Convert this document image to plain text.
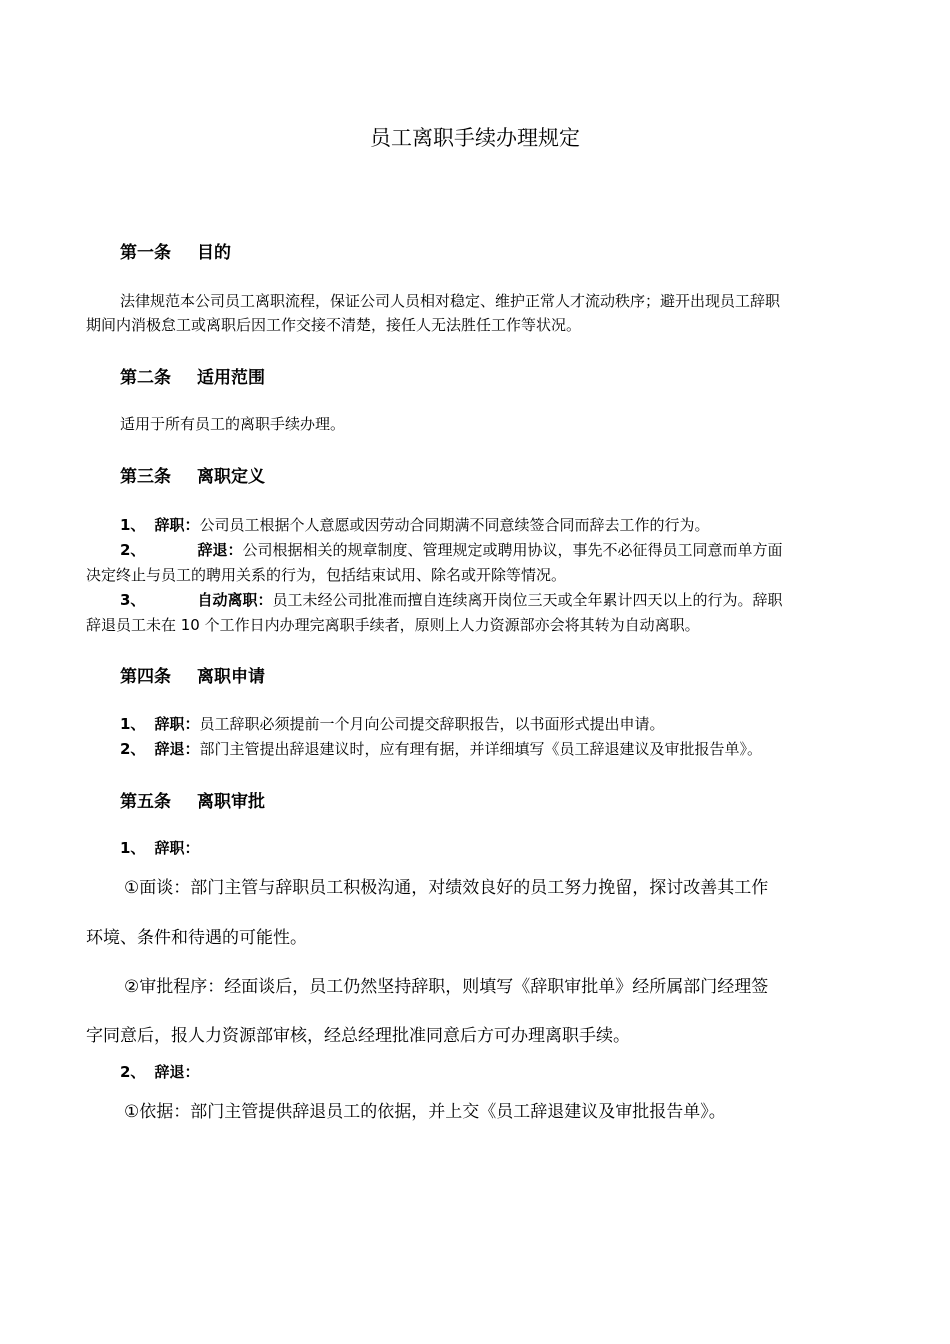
员工离职手续办理规定
第一条 目的
法律规范本公司员工离职流程，保证公司人员相对稳定、维护正常人才流动秩序；避开出现员工辞职
期间内消极怠工或离职后因工作交接不清楚，接任人无法胜任工作等状况。
第二条 适用范围
适用于所有员工的离职手续办理。
第三条 离职定义
1、 辞职：公司员工根据个人意愿或因劳动合同期满不同意续签合同而辞去工作的行为。
2、	辞退：公司根据相关的规章制度、管理规定或聘用协议，事先不必征得员工同意而单方面
决定终止与员工的聘用关系的行为，包括结束试用、除名或开除等情况。
3、	自动离职：员工未经公司批准而擅自连续离开岗位三天或全年累计四天以上的行为。辞职
辞退员工未在 10 个工作日内办理完离职手续者，原则上人力资源部亦会将其转为自动离职。
第四条 离职申请
1、 辞职：员工辞职必须提前一个月向公司提交辞职报告，以书面形式提出申请。
2、 辞退：部门主管提出辞退建议时，应有理有据，并详细填写《员工辞退建议及审批报告单》。
第五条 离职审批
1、 辞职：
①面谈：部门主管与辞职员工积极沟通，对绩效良好的员工努力挽留，探讨改善其工作
环境、条件和待遇的可能性。
②审批程序：经面谈后，员工仍然坚持辞职，则填写《辞职审批单》经所属部门经理签
字同意后，报人力资源部审核，经总经理批准同意后方可办理离职手续。
2、 辞退：
①依据：部门主管提供辞退员工的依据，并上交《员工辞退建议及审批报告单》。
